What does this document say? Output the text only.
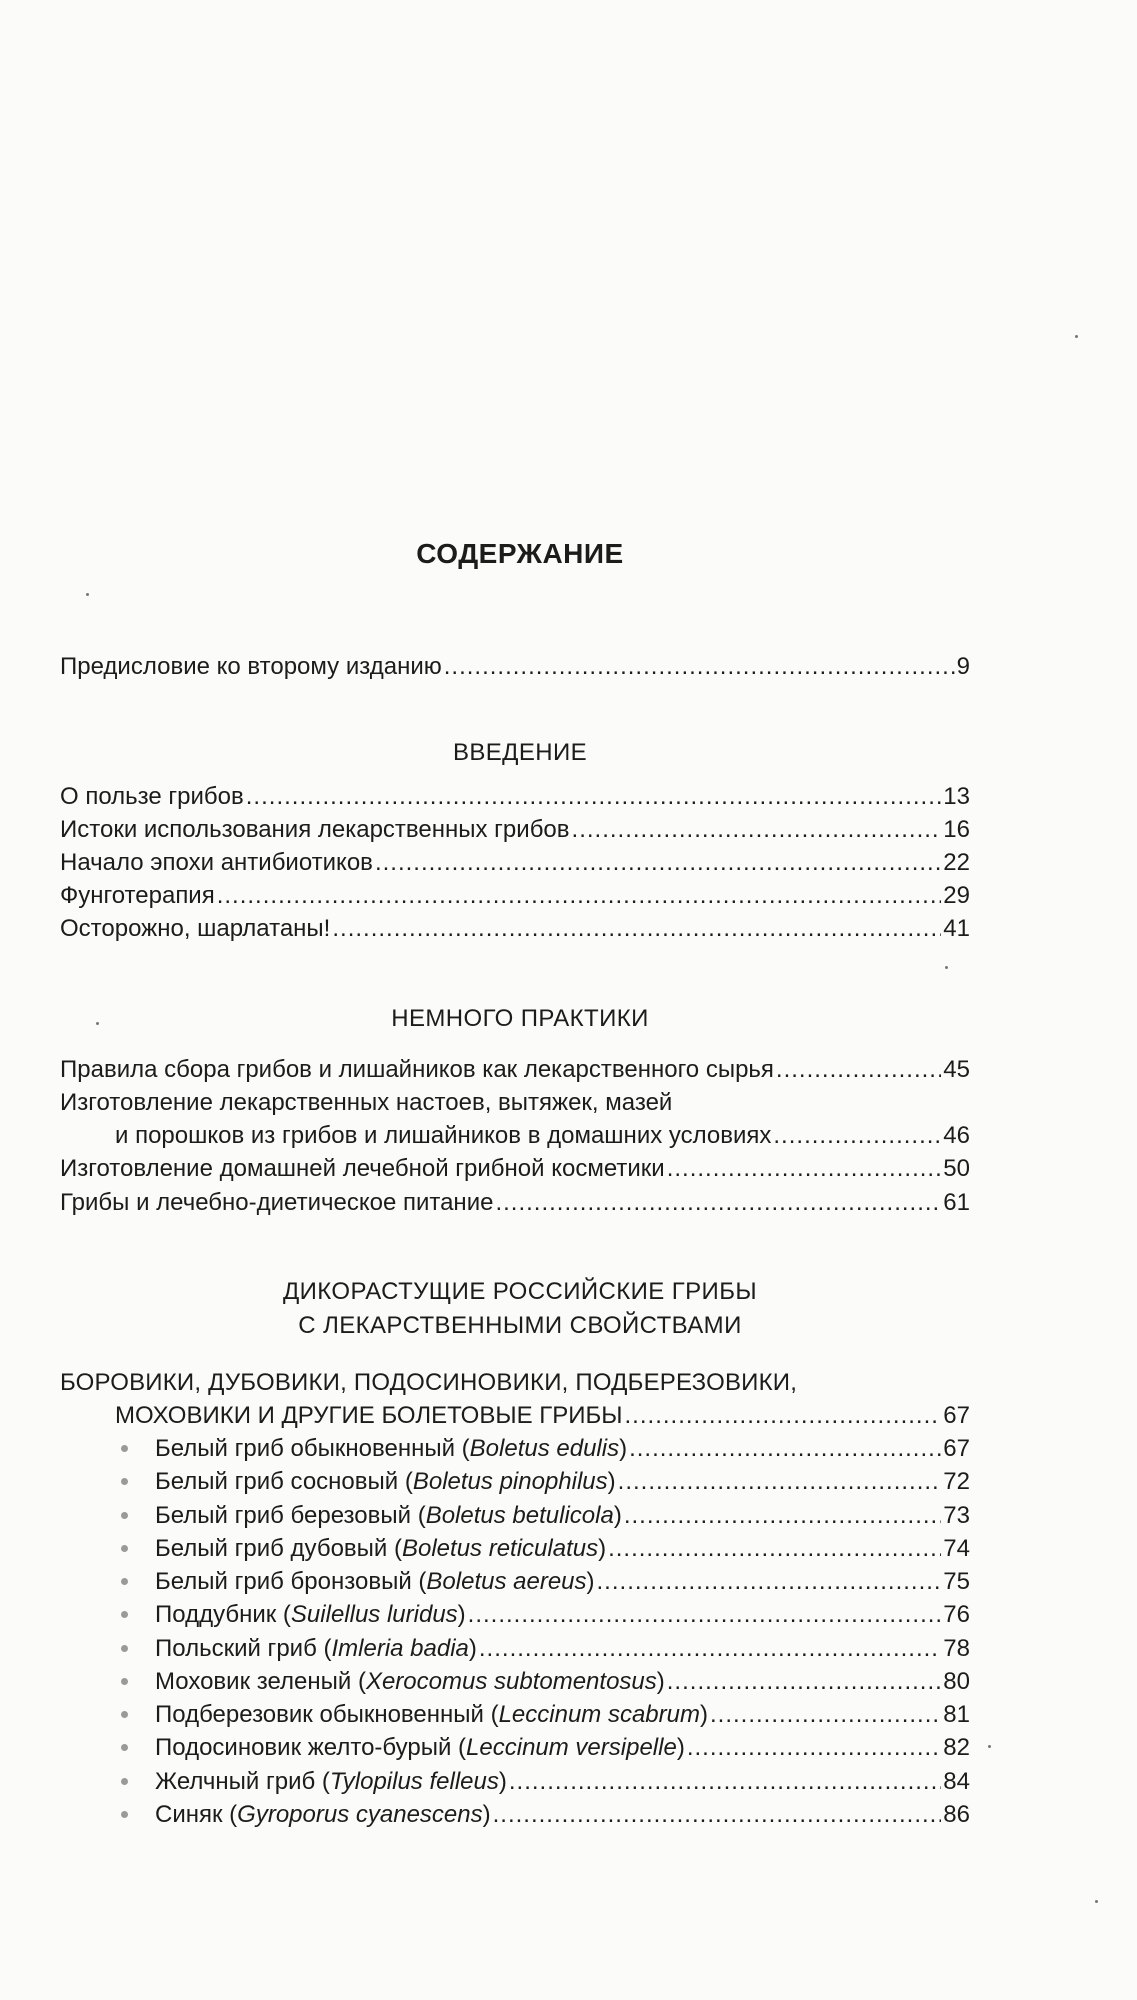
СОДЕРЖАНИЕ
Предисловие ко второму изданию .....	9
ВВЕДЕНИЕ
О пользе грибов .....	13
Истоки использования лекарственных грибов .....	16
Начало эпохи антибиотиков .....	22
Фунготерапия .....	29
Осторожно, шарлатаны! .....	41
НЕМНОГО ПРАКТИКИ
Правила сбора грибов и лишайников как лекарственного сырья .....	45
Изготовление лекарственных настоев, вытяжек, мазей
и порошков из грибов и лишайников в домашних условиях .....	46
Изготовление домашней лечебной грибной косметики .....	50
Грибы и лечебно-диетическое питание .....	61
ДИКОРАСТУЩИЕ РОССИЙСКИЕ ГРИБЫ
С ЛЕКАРСТВЕННЫМИ СВОЙСТВАМИ
БОРОВИКИ, ДУБОВИКИ, ПОДОСИНОВИКИ, ПОДБЕРЕЗОВИКИ,
МОХОВИКИ И ДРУГИЕ БОЛЕТОВЫЕ ГРИБЫ .....	67
Белый гриб обыкновенный (Boletus edulis) .....	67
Белый гриб сосновый (Boletus pinophilus) .....	72
Белый гриб березовый (Boletus betulicola) .....	73
Белый гриб дубовый (Boletus reticulatus) .....	74
Белый гриб бронзовый (Boletus aereus) .....	75
Поддубник (Suilellus luridus) .....	76
Польский гриб (Imleria badia) .....	78
Моховик зеленый (Xerocomus subtomentosus) .....	80
Подберезовик обыкновенный (Leccinum scabrum) .....	81
Подосиновик желто-бурый (Leccinum versipelle) .....	82
Желчный гриб (Tylopilus felleus) .....	84
Синяк (Gyroporus cyanescens) .....	86
